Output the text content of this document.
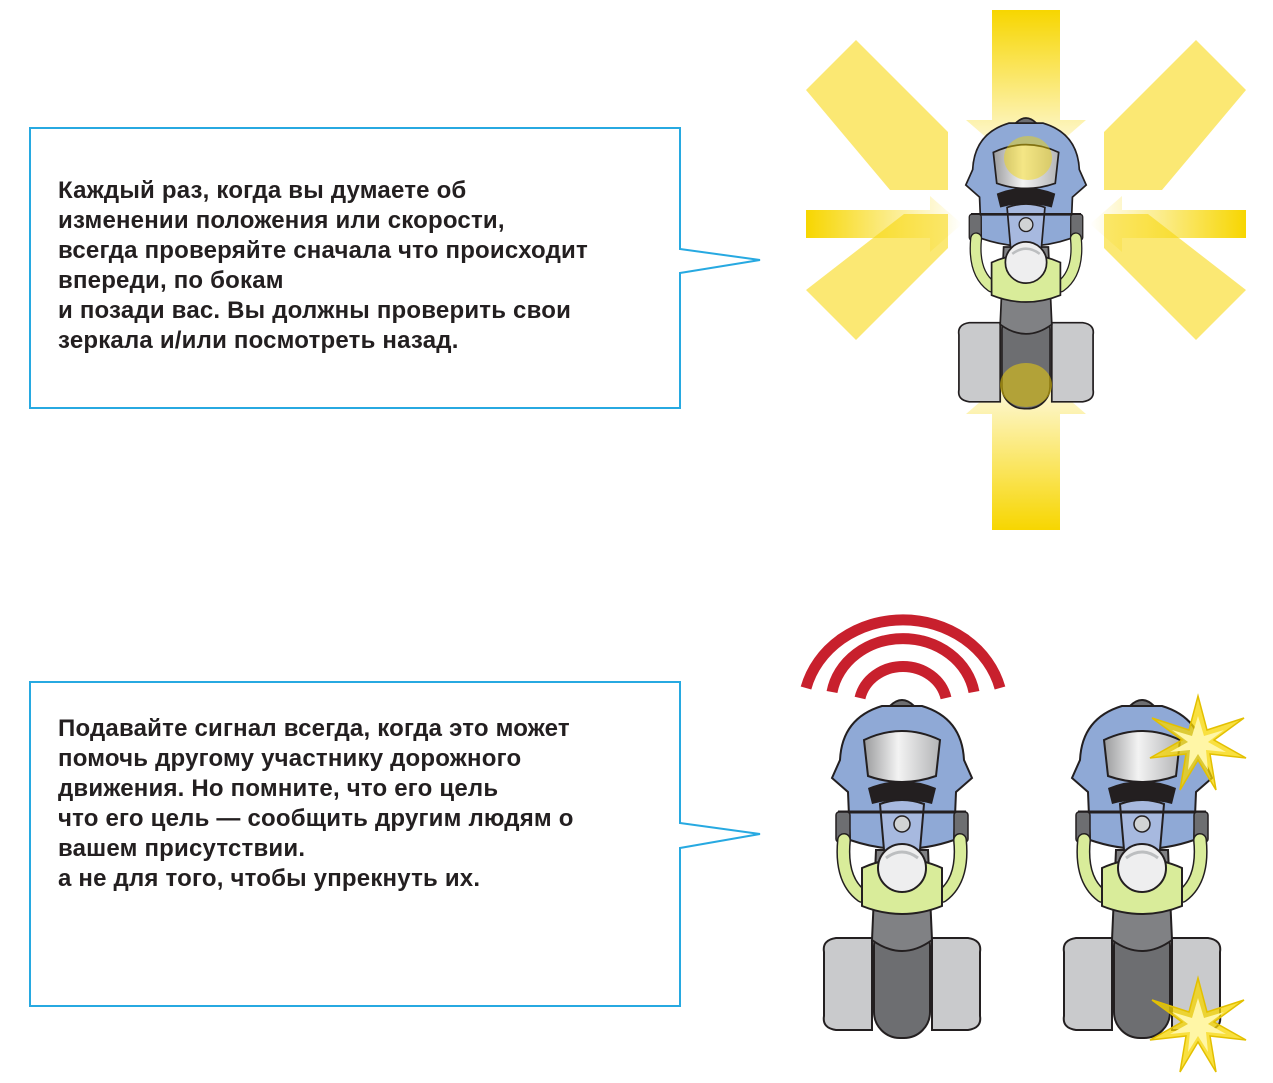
Каждый раз, когда вы думаете об
изменении положения или скорости,
всегда проверяйте сначала что происходит
впереди, по бокам
и позади вас. Вы должны проверить свои
зеркала и/или посмотреть назад.
Подавайте сигнал всегда, когда это может
помочь другому участнику дорожного
движения. Но помните, что его цель
что его цель — сообщить другим людям о
вашем присутствии.
а не для того, чтобы упрекнуть их.
